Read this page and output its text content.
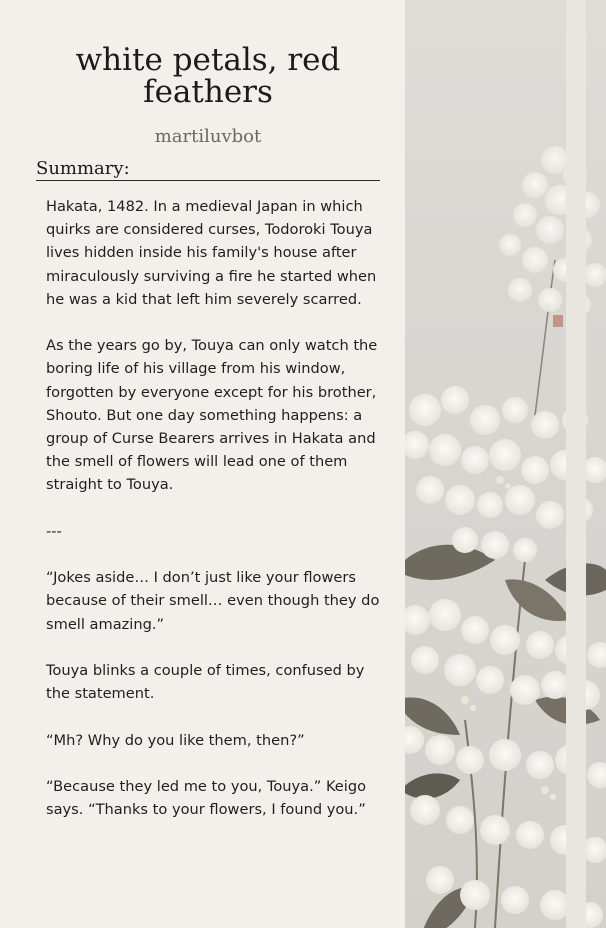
white petals, red feathers
martiluvbot
Summary:

Hakata, 1482. In a medieval Japan in which quirks are considered curses, Todoroki Touya lives hidden inside his family's house after miraculously surviving a fire he started when he was a kid that left him severely scarred.

As the years go by, Touya can only watch the boring life of his village from his window, forgotten by everyone except for his brother, Shouto. But one day something happens: a group of Curse Bearers arrives in Hakata and the smell of flowers will lead one of them straight to Touya.

---

“Jokes aside… I don’t just like your flowers because of their smell… even though they do smell amazing.”

Touya blinks a couple of times, confused by the statement.

“Mh? Why do you like them, then?”

“Because they led me to you, Touya.” Keigo says. “Thanks to your flowers, I found you.”
